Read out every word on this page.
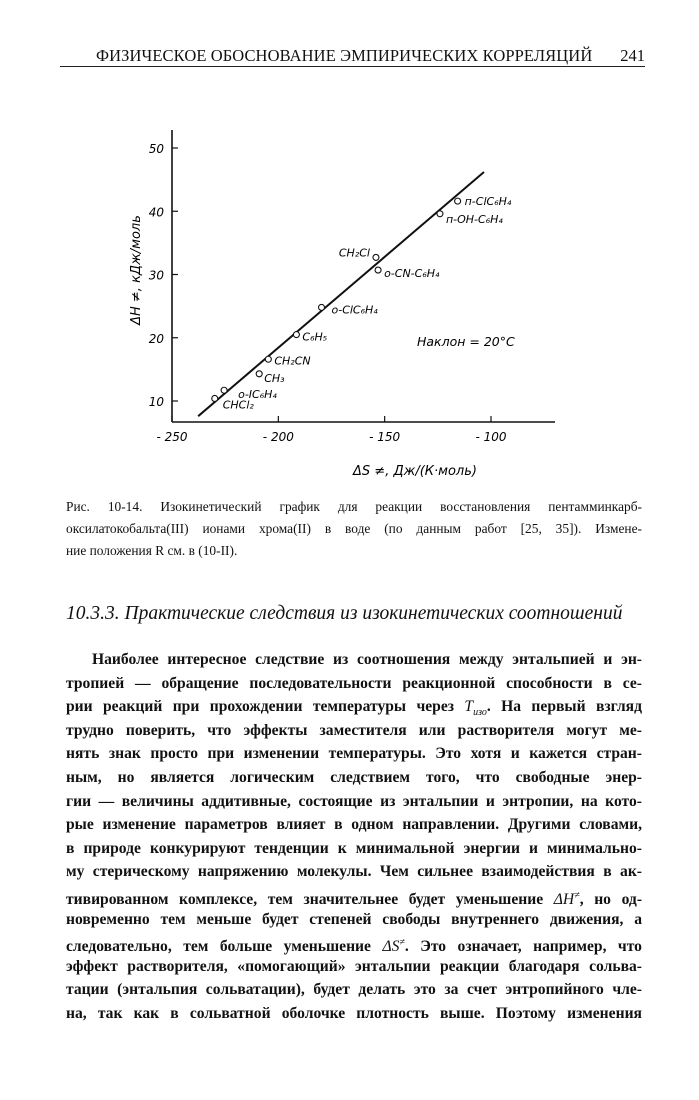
ФИЗИЧЕСКОЕ ОБОСНОВАНИЕ ЭМПИРИЧЕСКИХ КОРРЕЛЯЦИЙ 241
10
20
30
40
50
- 250	- 200	- 150	- 100
CHCl₂
o-IC₆H₄
CH₃
CH₂CN
C₆H₅
o-ClC₆H₄
CH₂Cl
o-CN-C₆H₄
п-OH-C₆H₄
п-ClC₆H₄
Наклон = 20°С
ΔS ≠, Дж/(К·моль)
ΔH ≠, кДж/моль
Рис. 10-14. Изокинетический график для реакции восстановления пентамминкарб-
оксилатокобальта(III) ионами хрома(II) в воде (по данным работ [25, 35]). Измене-
ние положения R см. в (10-II).
10.3.3. Практические следствия из изокинетических соотношений
Наиболее интересное следствие из соотношения между энтальпией и эн-
тропией — обращение последовательности реакционной способности в се-
рии реакций при прохождении температуры через $T_{изо}$. На первый взгляд
трудно поверить, что эффекты заместителя или растворителя могут ме-
нять знак просто при изменении температуры. Это хотя и кажется стран-
ным, но является логическим следствием того, что свободные энер-
гии — величины аддитивные, состоящие из энтальпии и энтропии, на кото-
рые изменение параметров влияет в одном направлении. Другими словами,
в природе конкурируют тенденции к минимальной энергии и минимально-
му стерическому напряжению молекулы. Чем сильнее взаимодействия в ак-
тивированном комплексе, тем значительнее будет уменьшение ΔH≠, но од-
новременно тем меньше будет степеней свободы внутреннего движения, а
следовательно, тем больше уменьшение ΔS≠. Это означает, например, что
эффект растворителя, «помогающий» энтальпии реакции благодаря сольва-
тации (энтальпия сольватации), будет делать это за счет энтропийного чле-
на, так как в сольватной оболочке плотность выше. Поэтому изменения
